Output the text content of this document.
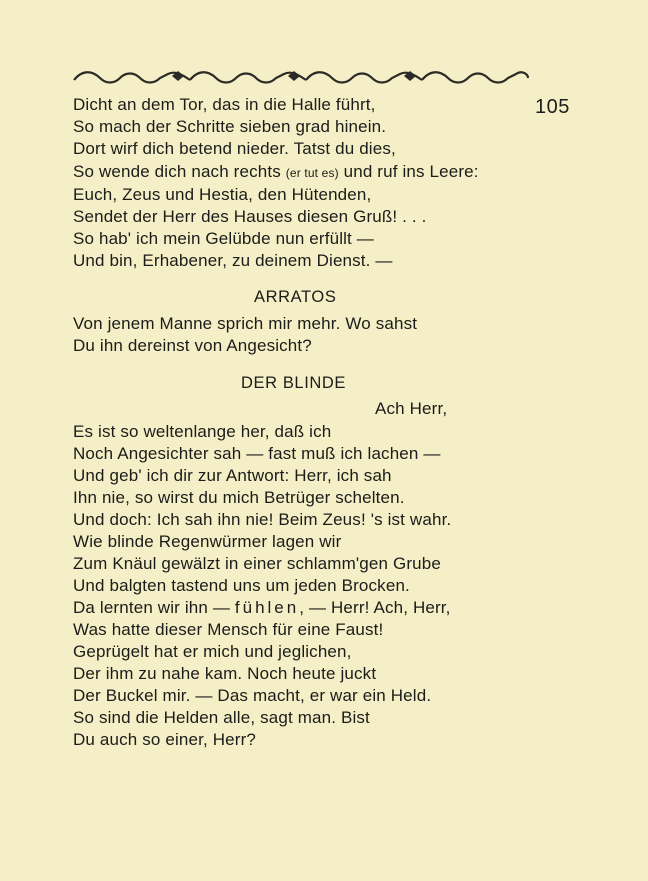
105
Dicht an dem Tor, das in die Halle führt,
So mach der Schritte sieben grad hinein.
Dort wirf dich betend nieder. Tatst du dies,
So wende dich nach rechts (er tut es) und ruf ins Leere:
Euch, Zeus und Hestia, den Hütenden,
Sendet der Herr des Hauses diesen Gruß! . . .
So hab' ich mein Gelübde nun erfüllt —
Und bin, Erhabener, zu deinem Dienst. —
ARRATOS
Von jenem Manne sprich mir mehr. Wo sahst
Du ihn dereinst von Angesicht?
DER BLINDE
Ach Herr,
Es ist so weltenlange her, daß ich
Noch Angesichter sah — fast muß ich lachen —
Und geb' ich dir zur Antwort: Herr, ich sah
Ihn nie, so wirst du mich Betrüger schelten.
Und doch: Ich sah ihn nie! Beim Zeus! 's ist wahr.
Wie blinde Regenwürmer lagen wir
Zum Knäul gewälzt in einer schlamm'gen Grube
Und balgten tastend uns um jeden Brocken.
Da lernten wir ihn — fühlen, — Herr! Ach, Herr,
Was hatte dieser Mensch für eine Faust!
Geprügelt hat er mich und jeglichen,
Der ihm zu nahe kam. Noch heute juckt
Der Buckel mir. — Das macht, er war ein Held.
So sind die Helden alle, sagt man. Bist
Du auch so einer, Herr?
